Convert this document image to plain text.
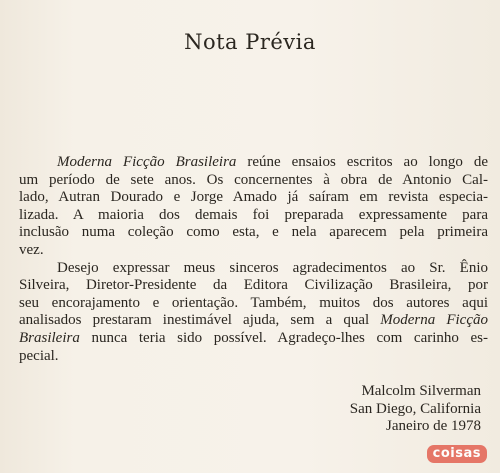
Nota Prévia
Moderna Ficção Brasileira reúne ensaios escritos ao longo de
um período de sete anos. Os concernentes à obra de Antonio Cal-
lado, Autran Dourado e Jorge Amado já saíram em revista especia-
lizada. A maioria dos demais foi preparada expressamente para
inclusão numa coleção como esta, e nela aparecem pela primeira
vez.
Desejo expressar meus sinceros agradecimentos ao Sr. Ênio
Silveira, Diretor-Presidente da Editora Civilização Brasileira, por
seu encorajamento e orientação. Também, muitos dos autores aqui
analisados prestaram inestimável ajuda, sem a qual Moderna Ficção
Brasileira nunca teria sido possível. Agradeço-lhes com carinho es-
pecial.
Malcolm Silverman
San Diego, California
Janeiro de 1978
coisas
